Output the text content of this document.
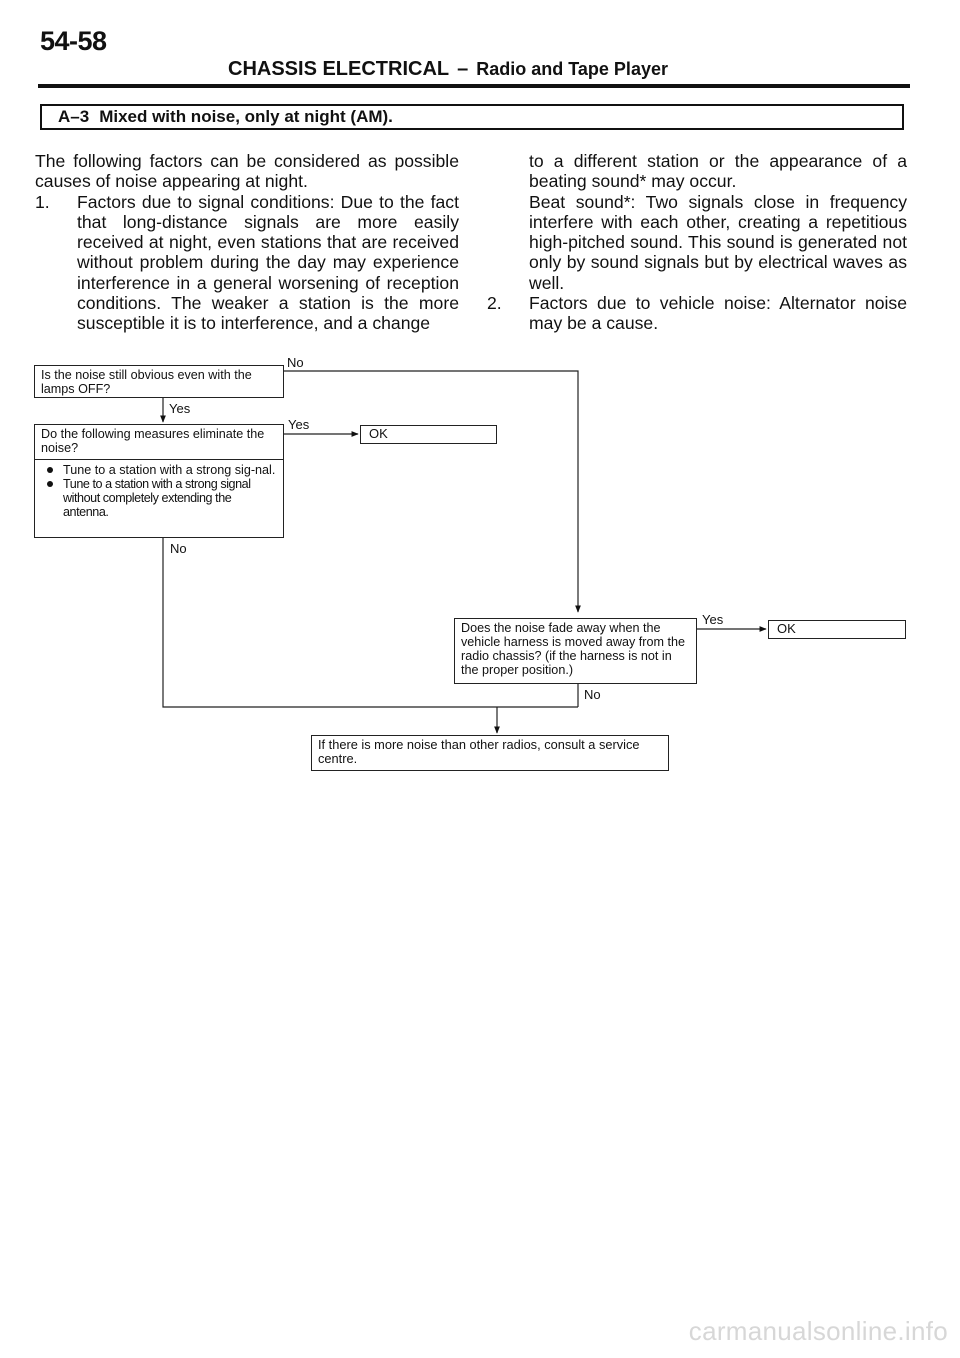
54-58
CHASSIS ELECTRICAL – Radio and Tape Player
A–3 Mixed with noise, only at night (AM).

The following factors can be considered as possible causes of noise appearing at night.

1. Factors due to signal conditions: Due to the fact that long-distance signals are more easily received at night, even stations that are received without problem during the day may experience interference in a general worsening of reception conditions. The weaker a station is the more susceptible it is to interference, and a change
to a different station or the appearance of a beating sound* may occur.
Beat sound*: Two signals close in frequency interfere with each other, creating a repetitious high-pitched sound. This sound is generated not only by sound signals but by electrical waves as well.
2. Factors due to vehicle noise: Alternator noise may be a cause.
Is the noise still obvious even with the lamps OFF?
No
Yes
Do the following measures eliminate the noise?
Tune to a station with a strong sig-nal.
Tune to a station with a strong signal without completely extending the antenna.
Yes
No
OK
Does the noise fade away when the vehicle harness is moved away from the radio chassis? (if the harness is not in the proper position.)
Yes
No
OK
If there is more noise than other radios, consult a service centre.
carmanualsonline.info
